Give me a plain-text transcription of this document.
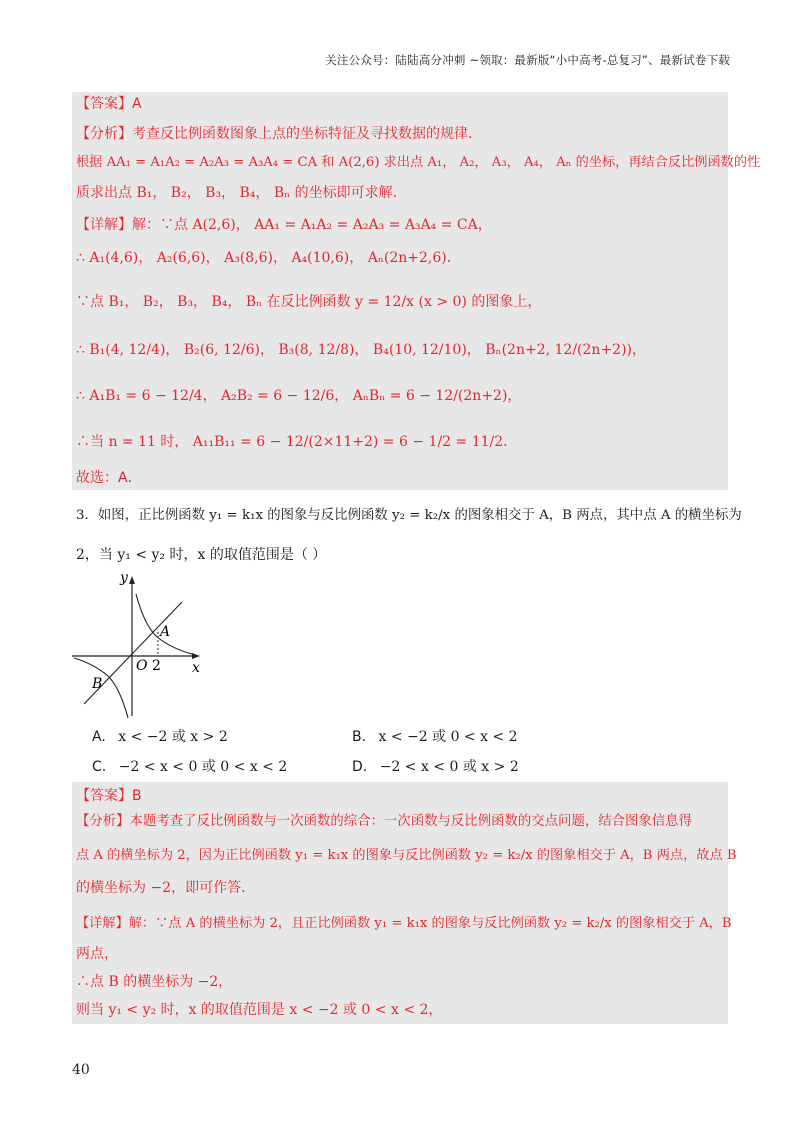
关注公众号：陆陆高分冲刺 ~领取：最新版“小中高考-总复习”、最新试卷下载
【答案】A
【分析】考查反比例函数图象上点的坐标特征及寻找数据的规律．
根据 AA₁ = A₁A₂ = A₂A₃ = A₃A₄ = CA 和 A(2,6) 求出点 A₁， A₂， A₃， A₄， Aₙ 的坐标，再结合反比例函数的性
质求出点 B₁， B₂， B₃， B₄， Bₙ 的坐标即可求解．
【详解】解：∵点 A(2,6)， AA₁ = A₁A₂ = A₂A₃ = A₃A₄ = CA，
∴ A₁(4,6)， A₂(6,6)， A₃(8,6)， A₄(10,6)， Aₙ(2n+2,6)．
∵点 B₁， B₂， B₃， B₄， Bₙ 在反比例函数 y = 12/x (x > 0) 的图象上，
∴ B₁(4, 12/4)， B₂(6, 12/6)， B₃(8, 12/8)， B₄(10, 12/10)， Bₙ(2n+2, 12/(2n+2))，
∴ A₁B₁ = 6 − 12/4， A₂B₂ = 6 − 12/6， AₙBₙ = 6 − 12/(2n+2)，
∴当 n = 11 时， A₁₁B₁₁ = 6 − 12/(2×11+2) = 6 − 1/2 = 11/2．
故选：A．
3．如图，正比例函数 y₁ = k₁x 的图象与反比例函数 y₂ = k₂/x 的图象相交于 A，B 两点，其中点 A 的横坐标为
2，当 y₁ < y₂ 时，x 的取值范围是（ ）
y
x
O 2
A
B
A. x < −2 或 x > 2	B. x < −2 或 0 < x < 2
C. −2 < x < 0 或 0 < x < 2	D. −2 < x < 0 或 x > 2
【答案】B
【分析】本题考查了反比例函数与一次函数的综合：一次函数与反比例函数的交点问题，结合图象信息得
点 A 的横坐标为 2，因为正比例函数 y₁ = k₁x 的图象与反比例函数 y₂ = k₂/x 的图象相交于 A，B 两点，故点 B
的横坐标为 −2，即可作答．
【详解】解：∵点 A 的横坐标为 2，且正比例函数 y₁ = k₁x 的图象与反比例函数 y₂ = k₂/x 的图象相交于 A，B
两点，
∴点 B 的横坐标为 −2，
则当 y₁ < y₂ 时，x 的取值范围是 x < −2 或 0 < x < 2，
40
